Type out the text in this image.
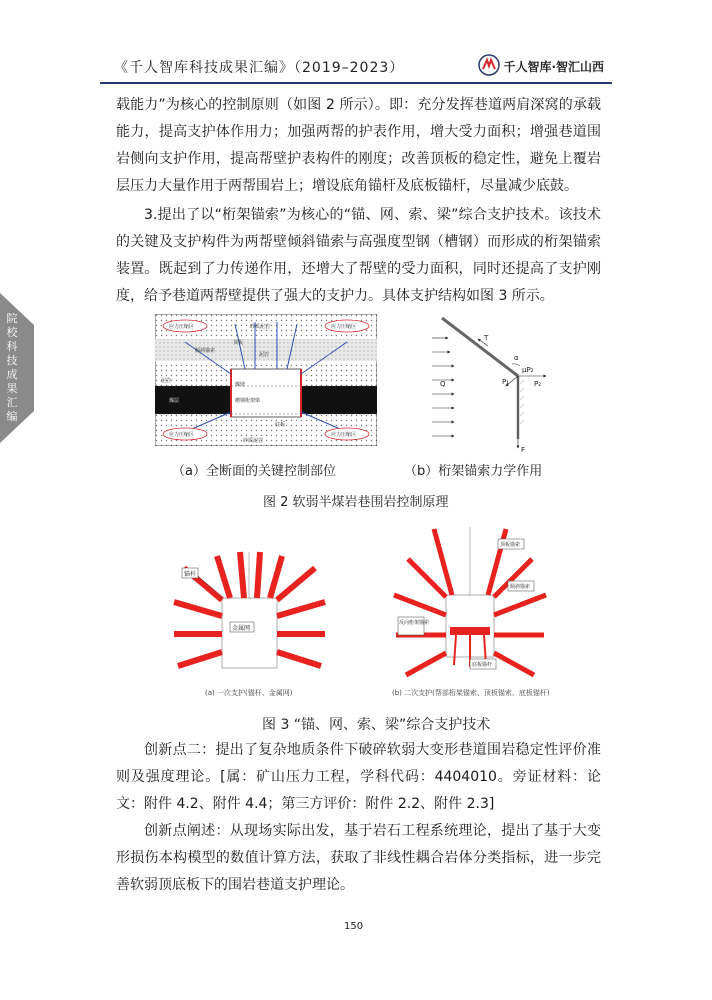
《千人智库科技成果汇编》（2019–2023）	千人智库·智汇山西
院校科技成果汇编
载能力”为核心的控制原则（如图 2 所示）。即：充分发挥巷道两肩深窝的承载能力，提高支护体作用力；加强两帮的护表作用，增大受力面积；增强巷道围岩侧向支护作用，提高帮壁护表构件的刚度；改善顶板的稳定性，避免上覆岩层压力大量作用于两帮围岩上；增设底角锚杆及底板锚杆，尽量减少底鼓。
3.提出了以“桁架锚索”为核心的“锚、网、索、梁”综合支护技术。该技术的关键及支护构件为两帮壁倾斜锚索与高强度型钢（槽钢）而形成的桁架锚索装置。既起到了力传递作用，还增大了帮壁的受力面积，同时还提高了支护刚度，给予巷道两帮壁提供了强大的支护力。具体支护结构如图 3 所示。
应力压缩区	应力压缩区
应力压缩区	应力压缩区
砂质泥岩
泥岩
倾斜锚索
顶板
煤壁
煤层
泥岩
槽钢桁架梁
砂质泥岩
底板
T
Q	P₁	P₂
μP₂
F
α
（a）全断面的关键控制部位	（b）桁架锚索力学作用
图 2 软弱半煤岩巷围岩控制原理
锚杆
金属网
顶板锚索
倾斜锚索
反向桁架锚索
底板锚杆
(a) 一次支护(锚杆、金属网)	(b) 二次支护(帮部桁架锚索、顶板锚索、底板锚杆)
图 3 “锚、网、索、梁”综合支护技术
创新点二：提出了复杂地质条件下破碎软弱大变形巷道围岩稳定性评价准则及强度理论。[属：矿山压力工程，学科代码：4404010。旁证材料：论文：附件 4.2、附件 4.4；第三方评价：附件 2.2、附件 2.3]
创新点阐述：从现场实际出发，基于岩石工程系统理论，提出了基于大变形损伤本构模型的数值计算方法，获取了非线性耦合岩体分类指标，进一步完善软弱顶底板下的围岩巷道支护理论。
150
